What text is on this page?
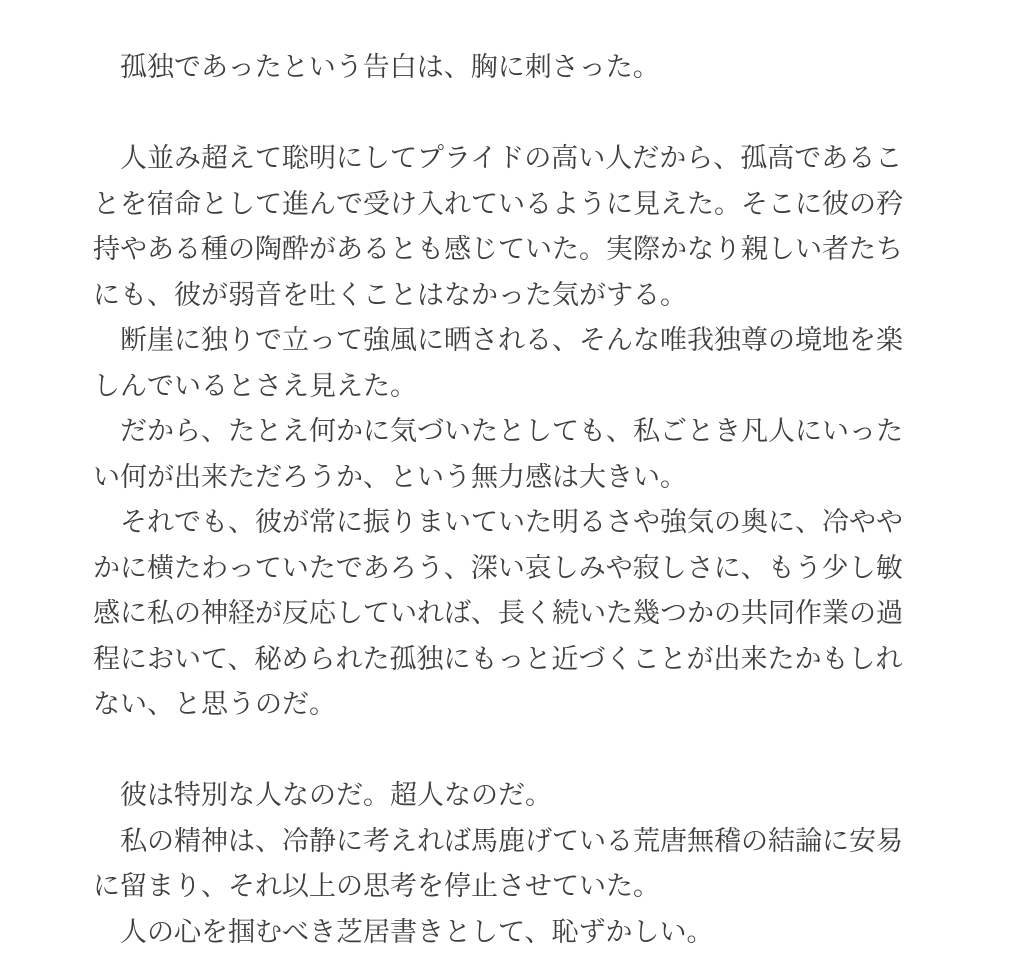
孤独であったという告白は、胸に刺さった。
人並み超えて聡明にしてプライドの高い人だから、孤高であるこ
とを宿命として進んで受け入れているように見えた。そこに彼の矜
持やある種の陶酔があるとも感じていた。実際かなり親しい者たち
にも、彼が弱音を吐くことはなかった気がする。
断崖に独りで立って強風に晒される、そんな唯我独尊の境地を楽
しんでいるとさえ見えた。
だから、たとえ何かに気づいたとしても、私ごとき凡人にいった
い何が出来ただろうか、という無力感は大きい。
それでも、彼が常に振りまいていた明るさや強気の奥に、冷やや
かに横たわっていたであろう、深い哀しみや寂しさに、もう少し敏
感に私の神経が反応していれば、長く続いた幾つかの共同作業の過
程において、秘められた孤独にもっと近づくことが出来たかもしれ
ない、と思うのだ。
彼は特別な人なのだ。超人なのだ。
私の精神は、冷静に考えれば馬鹿げている荒唐無稽の結論に安易
に留まり、それ以上の思考を停止させていた。
人の心を掴むべき芝居書きとして、恥ずかしい。
